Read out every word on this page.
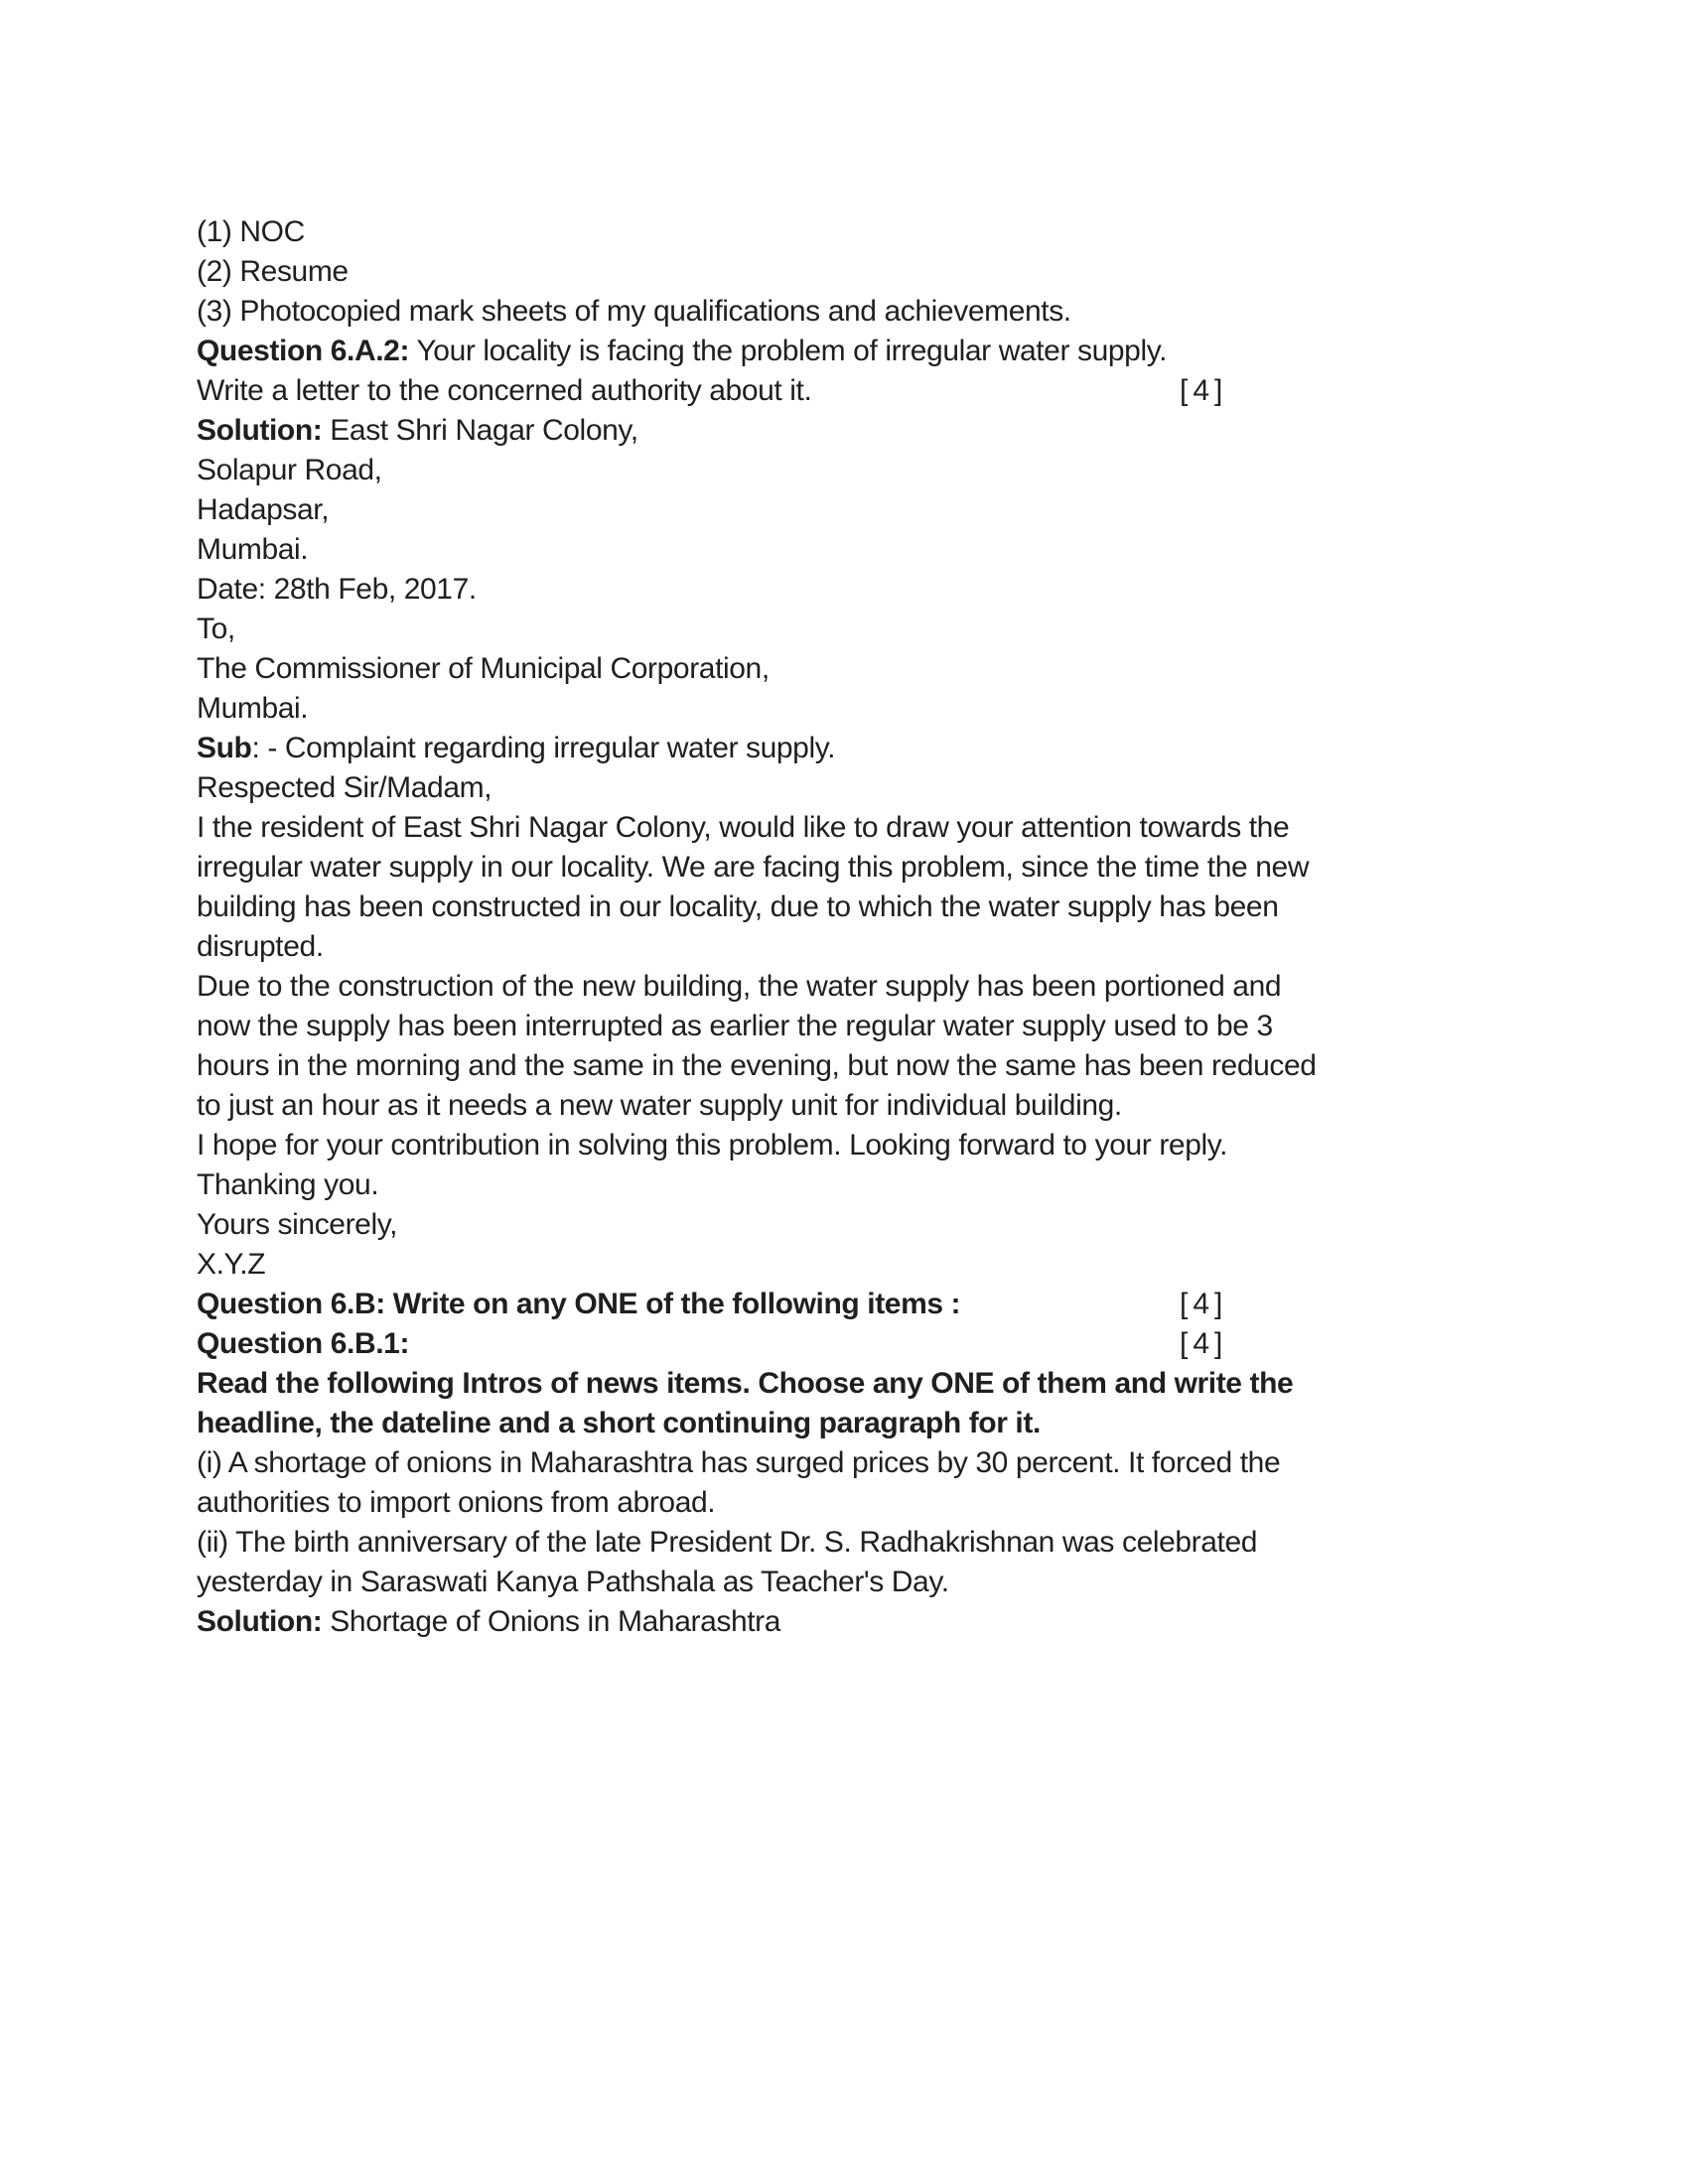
(1) NOC

(2) Resume

(3) Photocopied mark sheets of my qualifications and achievements.

Question 6.A.2: Your locality is facing the problem of irregular water supply.
Write a letter to the concerned authority about it.	[4]

Solution: East Shri Nagar Colony,

Solapur Road,
Hadapsar,
Mumbai.
Date: 28th Feb, 2017.

To,
The Commissioner of Municipal Corporation,
Mumbai.
Sub: - Complaint regarding irregular water supply.

Respected Sir/Madam,
I the resident of East Shri Nagar Colony, would like to draw your attention towards the
irregular water supply in our locality. We are facing this problem, since the time the new
building has been constructed in our locality, due to which the water supply has been
disrupted.
Due to the construction of the new building, the water supply has been portioned and
now the supply has been interrupted as earlier the regular water supply used to be 3
hours in the morning and the same in the evening, but now the same has been reduced
to just an hour as it needs a new water supply unit for individual building.

I hope for your contribution in solving this problem. Looking forward to your reply.
Thanking you.
Yours sincerely,
X.Y.Z

Question 6.B: Write on any ONE of the following items :	[4]

Question 6.B.1:	[4]

Read the following Intros of news items. Choose any ONE of them and write the
headline, the dateline and a short continuing paragraph for it.
(i) A shortage of onions in Maharashtra has surged prices by 30 percent. It forced the
authorities to import onions from abroad.
(ii) The birth anniversary of the late President Dr. S. Radhakrishnan was celebrated
yesterday in Saraswati Kanya Pathshala as Teacher's Day.

Solution: Shortage of Onions in Maharashtra
